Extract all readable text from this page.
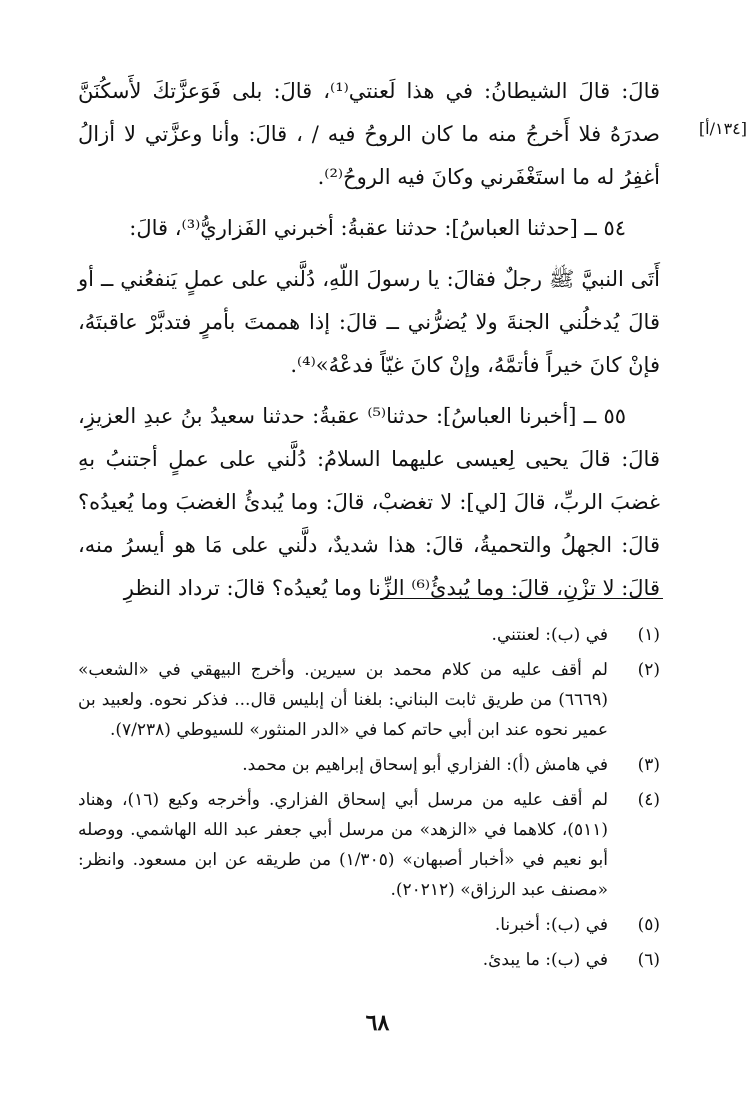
[١٣٤/أ]

قالَ: قالَ الشيطانُ: في هذا لَعنتي⁽¹⁾، قالَ: بلى فَوَعزَّتكَ لأَسكُنَنَّ صدرَهُ فلا أَخرجُ منه ما كان الروحُ فيه / ، قالَ: وأنا وعزَّتي لا أزالُ أغفِرُ له ما استَغْفَرني وكانَ فيه الروحُ⁽²⁾.

٥٤ ــ [حدثنا العباسُ]: حدثنا عقبةُ: أخبرني الفَزاريُّ⁽³⁾، قالَ:

أَتَى النبيَّ ﷺ رجلٌ فقالَ: يا رسولَ اللّهِ، دُلَّني على عملٍ يَنفعُني ــ أو قالَ يُدخلُني الجنةَ ولا يُضرُّني ــ قالَ: إذا هممتَ بأمرٍ فتدبَّرْ عاقبتَهُ، فإنْ كانَ خيراً فأتمَّهُ، وإنْ كانَ غيّاً فدعْهُ»⁽⁴⁾.

٥٥ ــ [أخبرنا العباسُ]: حدثنا⁽⁵⁾ عقبةُ: حدثنا سعيدُ بنُ عبدِ العزيزِ، قالَ: قالَ يحيى لِعيسى عليهما السلامُ: دُلَّني على عملٍ أجتنبُ بهِ غضبَ الربِّ، قالَ [لي]: لا تغضبْ، قالَ: وما يُبدئُ الغضبَ وما يُعيدُه؟ قالَ: الجهلُ والتحميةُ، قالَ: هذا شديدٌ، دلَّني على مَا هو أيسرُ منه، قالَ: لا تزْنِ، قالَ: وما يُبدئُ⁽⁶⁾ الزِّنا وما يُعيدُه؟ قالَ: ترداد النظرِ

(١)
في (ب): لعنتني.
(٢)
لم أقف عليه من كلام محمد بن سيرين. وأخرج البيهقي في «الشعب» (٦٦٦٩) من طريق ثابت البناني: بلغنا أن إبليس قال... فذكر نحوه. ولعبيد بن عمير نحوه عند ابن أبي حاتم كما في «الدر المنثور» للسيوطي (٧/٢٣٨).
(٣)
في هامش (أ): الفزاري أبو إسحاق إبراهيم بن محمد.
(٤)
لم أقف عليه من مرسل أبي إسحاق الفزاري. وأخرجه وكيع (١٦)، وهناد (٥١١)، كلاهما في «الزهد» من مرسل أبي جعفر عبد الله الهاشمي. ووصله أبو نعيم في «أخبار أصبهان» (١/٣٠٥) من طريقه عن ابن مسعود. وانظر: «مصنف عبد الرزاق» (٢٠٢١٢).
(٥)
في (ب): أخبرنا.
(٦)
في (ب): ما يبدئ.
٦٨
